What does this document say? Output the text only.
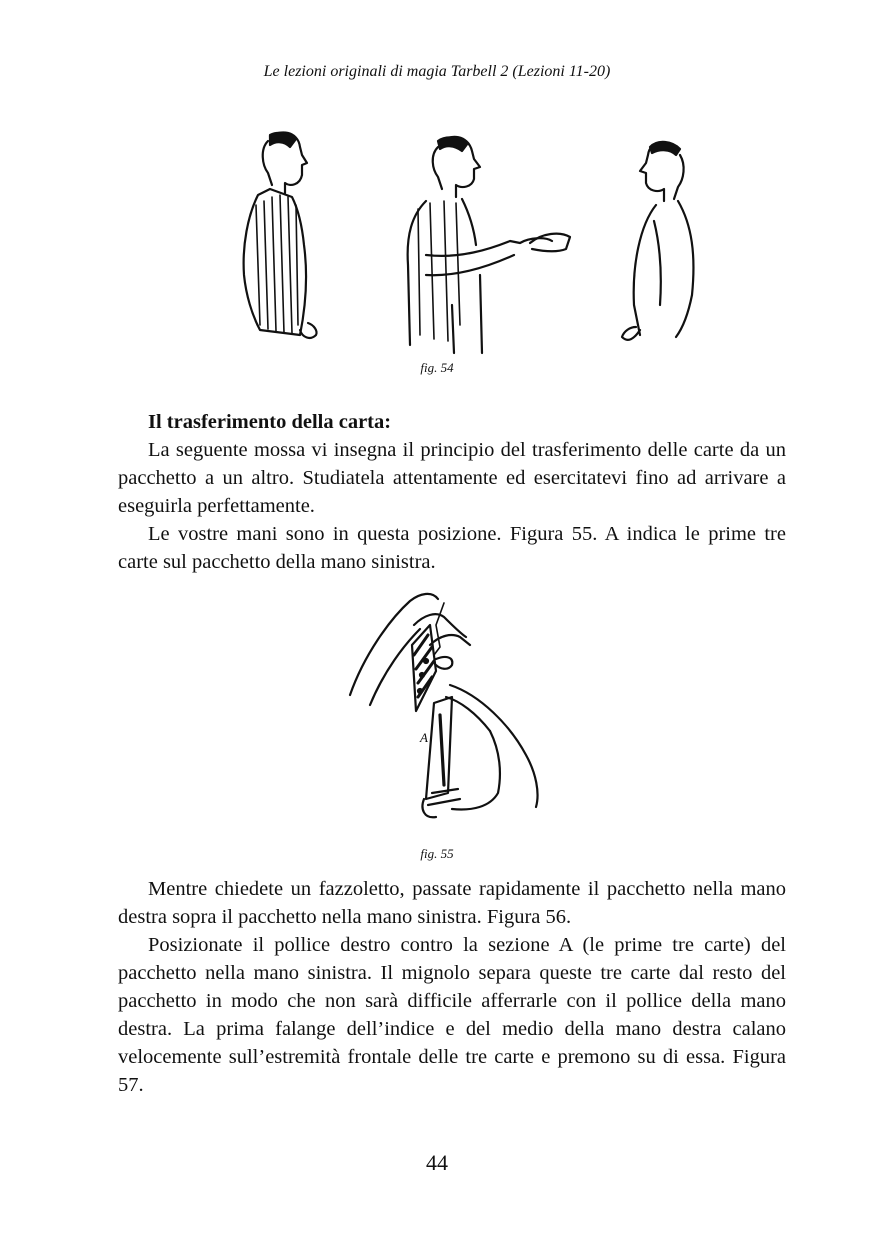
Le lezioni originali di magia Tarbell 2 (Lezioni 11-20)
fig. 54
Il trasferimento della carta:

La seguente mossa vi insegna il principio del trasferimento delle carte da un pacchetto a un altro. Studiatela attentamente ed esercitatevi fino ad arrivare a eseguirla perfettamente.

Le vostre mani sono in questa posizione. Figura 55. A indica le prime tre carte sul pacchetto della mano sinistra.

A
fig. 55

Mentre chiedete un fazzoletto, passate rapidamente il pacchetto nella mano destra sopra il pacchetto nella mano sinistra. Figura 56.

Posizionate il pollice destro contro la sezione A (le prime tre carte) del pacchetto nella mano sinistra. Il mignolo separa queste tre carte dal resto del pacchetto in modo che non sarà difficile afferrarle con il pollice della mano destra. La prima falange dell’indice e del medio della mano destra calano velocemente sull’estremità frontale delle tre carte e premono su di essa. Figura 57.

44
